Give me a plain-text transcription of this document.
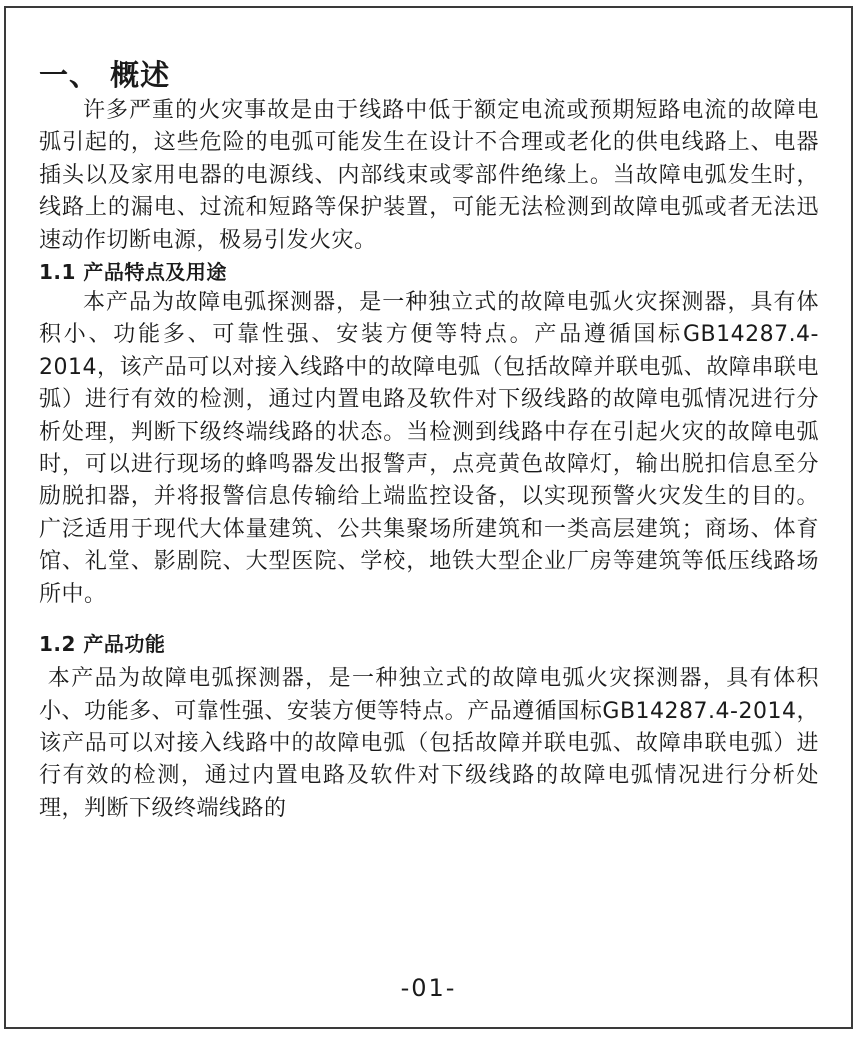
一、 概述

许多严重的火灾事故是由于线路中低于额定电流或预期短路电流的故障电弧引起的，这些危险的电弧可能发生在设计不合理或老化的供电线路上、电器插头以及家用电器的电源线、内部线束或零部件绝缘上。当故障电弧发生时，线路上的漏电、过流和短路等保护装置，可能无法检测到故障电弧或者无法迅速动作切断电源，极易引发火灾。

1.1 产品特点及用途

本产品为故障电弧探测器，是一种独立式的故障电弧火灾探测器，具有体积小、功能多、可靠性强、安装方便等特点。产品遵循国标GB14287.4-2014，该产品可以对接入线路中的故障电弧（包括故障并联电弧、故障串联电弧）进行有效的检测，通过内置电路及软件对下级线路的故障电弧情况进行分析处理，判断下级终端线路的状态。当检测到线路中存在引起火灾的故障电弧时，可以进行现场的蜂鸣器发出报警声，点亮黄色故障灯，输出脱扣信息至分励脱扣器，并将报警信息传输给上端监控设备，以实现预警火灾发生的目的。广泛适用于现代大体量建筑、公共集聚场所建筑和一类高层建筑；商场、体育馆、礼堂、影剧院、大型医院、学校，地铁大型企业厂房等建筑等低压线路场所中。

1.2 产品功能

本产品为故障电弧探测器，是一种独立式的故障电弧火灾探测器，具有体积小、功能多、可靠性强、安装方便等特点。产品遵循国标GB14287.4-2014，该产品可以对接入线路中的故障电弧（包括故障并联电弧、故障串联电弧）进行有效的检测，通过内置电路及软件对下级线路的故障电弧情况进行分析处理，判断下级终端线路的

-01-
